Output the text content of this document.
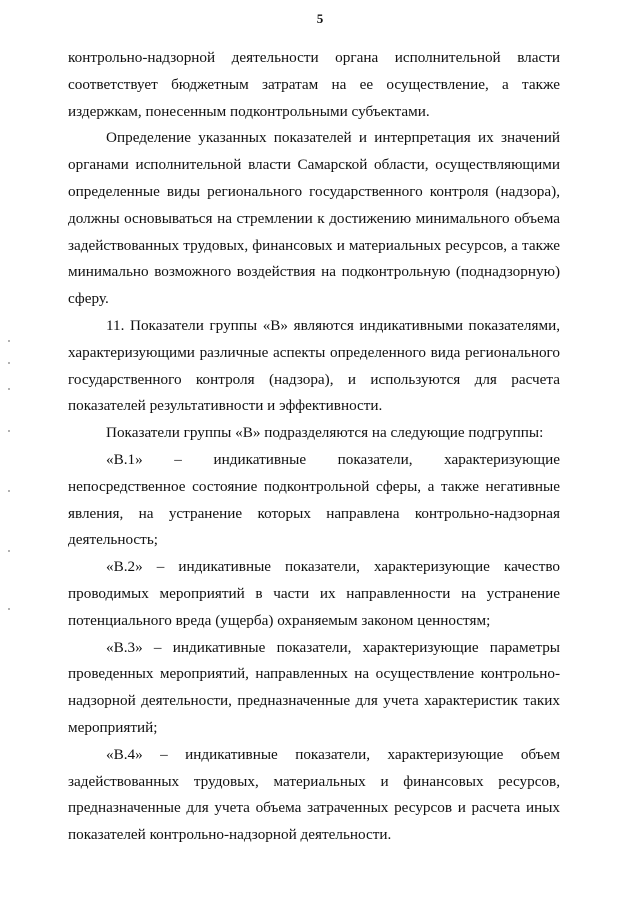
5

контрольно-надзорной деятельности органа исполнительной власти соответствует бюджетным затратам на ее осуществление, а также издержкам, понесенным подконтрольными субъектами.

Определение указанных показателей и интерпретация их значений органами исполнительной власти Самарской области, осуществляющими определенные виды регионального государственного контроля (надзора), должны основываться на стремлении к достижению минимального объема задействованных трудовых, финансовых и материальных ресурсов, а также минимально возможного воздействия на подконтрольную (поднадзорную) сферу.

11. Показатели группы «В» являются индикативными показателями, характеризующими различные аспекты определенного вида регионального государственного контроля (надзора), и используются для расчета показателей результативности и эффективности.

Показатели группы «В» подразделяются на следующие подгруппы:

«В.1» – индикативные показатели, характеризующие непосредственное состояние подконтрольной сферы, а также негативные явления, на устранение которых направлена контрольно-надзорная деятельность;

«В.2» – индикативные показатели, характеризующие качество проводимых мероприятий в части их направленности на устранение потенциального вреда (ущерба) охраняемым законом ценностям;

«В.3» – индикативные показатели, характеризующие параметры проведенных мероприятий, направленных на осуществление контрольно-надзорной деятельности, предназначенные для учета характеристик таких мероприятий;

«В.4» – индикативные показатели, характеризующие объем задействованных трудовых, материальных и финансовых ресурсов, предназначенные для учета объема затраченных ресурсов и расчета иных показателей контрольно-надзорной деятельности.
